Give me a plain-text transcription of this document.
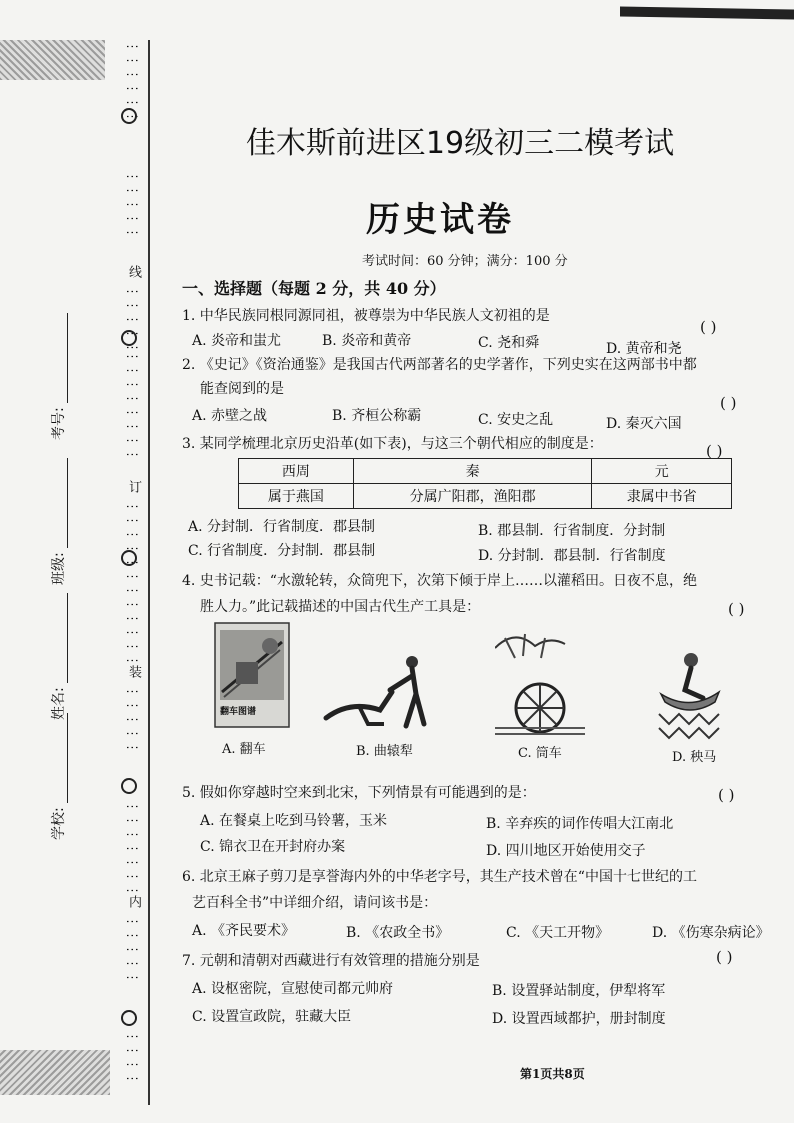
⋮⋮⋮⋮⋮⋮
⋮⋮⋮⋮⋮
线
⋮⋮⋮⋮⋮
⋮⋮⋮⋮⋮⋮⋮⋮
订
⋮⋮⋮⋮⋮
⋮⋮⋮⋮⋮⋮⋮
装
⋮⋮⋮⋮⋮
⋮⋮⋮⋮⋮⋮⋮
内
⋮⋮⋮⋮⋮
⋮⋮⋮⋮
学校:
姓名:
班级:
考号:
佳木斯前进区19级初三二模考试
历史试卷
考试时间：60 分钟；满分：100 分
一、选择题（每题 2 分，共 40 分）
1. 中华民族同根同源同祖，被尊崇为中华民族人文初祖的是
( )
A. 炎帝和蚩尤	B. 炎帝和黄帝	C. 尧和舜	D. 黄帝和尧
2. 《史记》《资治通鉴》是我国古代两部著名的史学著作，下列史实在这两部书中都
能查阅到的是
( )
A. 赤壁之战	B. 齐桓公称霸	C. 安史之乱	D. 秦灭六国
3. 某同学梳理北京历史沿革(如下表)，与这三个朝代相应的制度是：	( )
西周	秦	元
属于燕国	分属广阳郡，渔阳郡	隶属中书省
A. 分封制．行省制度．郡县制	B. 郡县制．行省制度．分封制
C. 行省制度．分封制．郡县制	D. 分封制．郡县制．行省制度
4. 史书记载：“水激轮转，众筒兜下，次第下倾于岸上……以灌稻田。日夜不息，绝
胜人力。”此记载描述的中国古代生产工具是：	( )
翻车图谱
A. 翻车	B. 曲辕犁	C. 筒车	D. 秧马
5. 假如你穿越时空来到北宋，下列情景有可能遇到的是：	( )
A. 在餐桌上吃到马铃薯，玉米	B. 辛弃疾的词作传唱大江南北
C. 锦衣卫在开封府办案	D. 四川地区开始使用交子
6. 北京王麻子剪刀是享誉海内外的中华老字号，其生产技术曾在“中国十七世纪的工
艺百科全书”中详细介绍，请问该书是：
A. 《齐民要术》	B. 《农政全书》	C. 《天工开物》	D. 《伤寒杂病论》
7. 元朝和清朝对西藏进行有效管理的措施分别是	( )
A. 设枢密院，宣慰使司都元帅府	B. 设置驿站制度，伊犁将军
C. 设置宣政院，驻藏大臣	D. 设置西域都护，册封制度
第1页共8页
